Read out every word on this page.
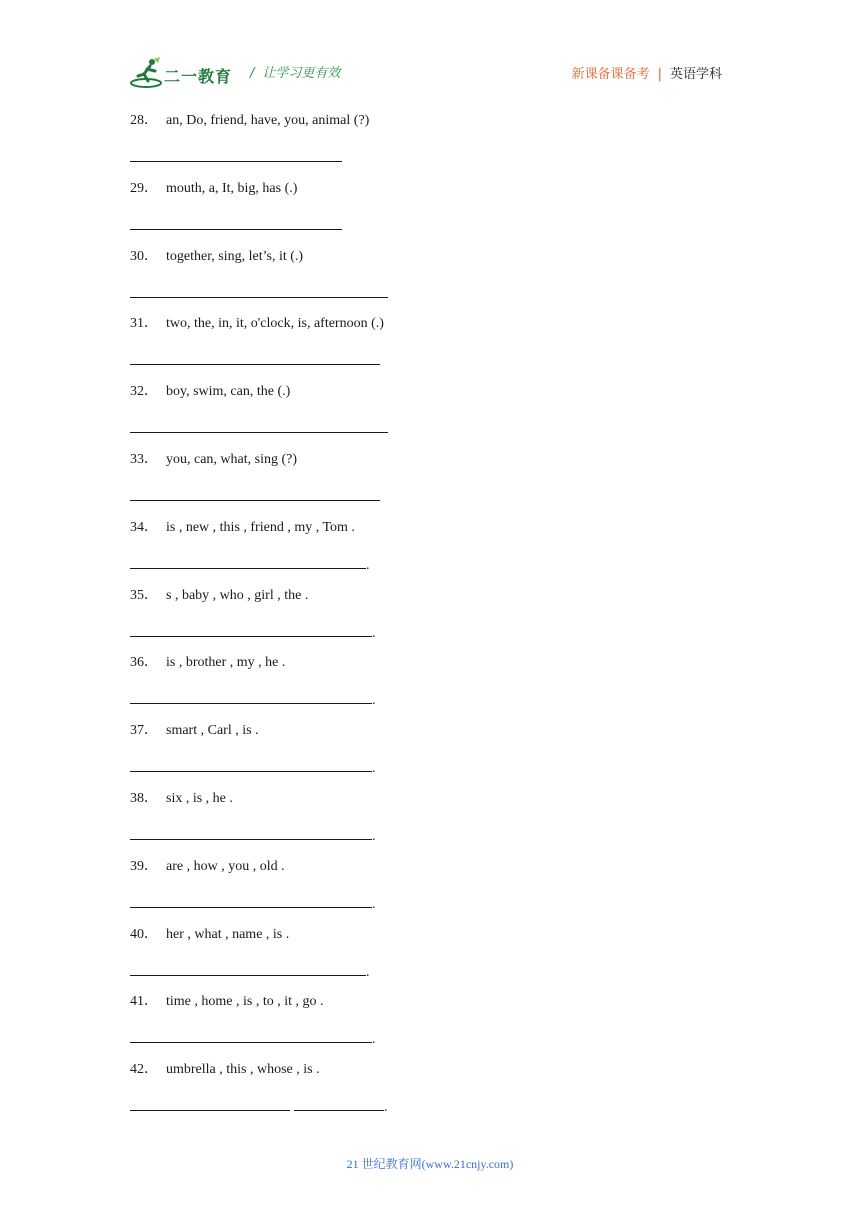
二一教育 / 让学习更有效	新课备课备考 | 英语学科
28． an, Do, friend, have, you, animal (?)
29． mouth, a, It, big, has (.)
30． together, sing, let’s, it (.)
31． two, the, in, it, o'clock, is, afternoon (.)
32． boy, swim, can, the (.)
33． you, can, what, sing (?)
34． is , new , this , friend , my , Tom .
.
35． s , baby , who , girl , the .
.
36． is , brother , my , he .
.
37． smart , Carl , is .
.
38． six , is , he .
.
39． are , how , you , old .
.
40． her , what , name , is .
.
41． time , home , is , to , it , go .
.
42． umbrella , this , whose , is .
.
21 世纪教育网(www.21cnjy.com)
